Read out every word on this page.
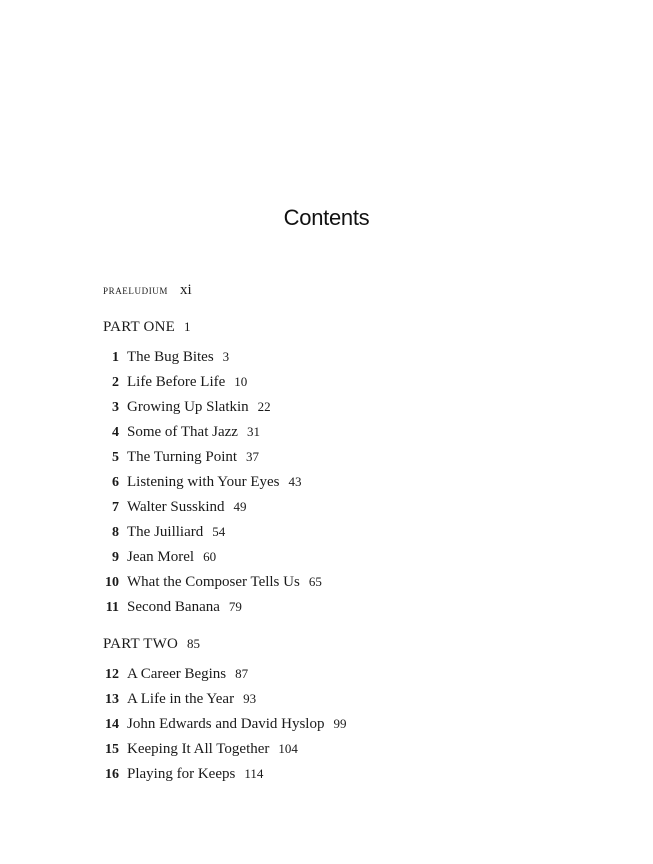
Contents
praeludium xi
PART ONE 1
1 The Bug Bites 3
2 Life Before Life 10
3 Growing Up Slatkin 22
4 Some of That Jazz 31
5 The Turning Point 37
6 Listening with Your Eyes 43
7 Walter Susskind 49
8 The Juilliard 54
9 Jean Morel 60
10 What the Composer Tells Us 65
11 Second Banana 79
PART TWO 85
12 A Career Begins 87
13 A Life in the Year 93
14 John Edwards and David Hyslop 99
15 Keeping It All Together 104
16 Playing for Keeps 114
